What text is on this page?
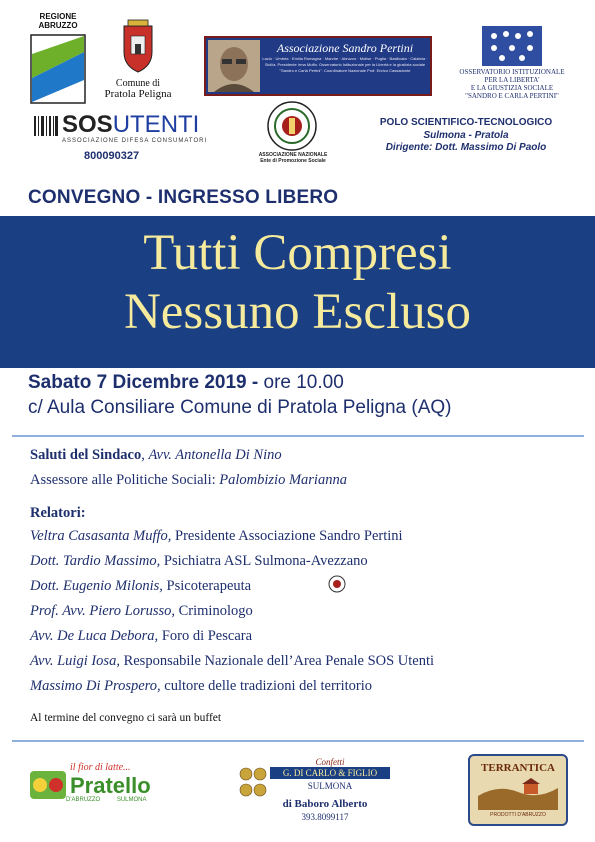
REGIONE
ABRUZZO
Comune di
Pratola Peligna
Associazione Sandro Pertini
Lazio · Umbria · Emilia Romagna · Marche · Abruzzo · Molise · Puglia · Basilicata · Calabria · Sicilia. Presidente Irma Muffo. Osservatorio Istituzionale per la Libertà e la giustizia sociale "Sandro e Carla Pertini". Coordinatore Nazionale Prof. Enrico Cassadonte	OSSERVATORIO ISTITUZIONALE
PER LA LIBERTA'
E LA GIUSTIZIA SOCIALE
"SANDRO E CARLA PERTINI"
SOSUTENTI
ASSOCIAZIONE DIFESA CONSUMATORI
800090327	ASSOCIAZIONE NAZIONALE
Ente di Promozione Sociale
POLO SCIENTIFICO-TECNOLOGICO
Sulmona - Pratola
Dirigente: Dott. Massimo Di Paolo
CONVEGNO - INGRESSO LIBERO
Tutti Compresi
Nessuno Escluso
Sabato 7 Dicembre 2019 - ore 10.00
c/ Aula Consiliare Comune di Pratola Peligna (AQ)
Saluti del Sindaco, Avv. Antonella Di Nino
Assessore alle Politiche Sociali: Palombizio Marianna
Relatori:
Veltra Casasanta Muffo, Presidente Associazione Sandro Pertini
Dott. Tardio Massimo, Psichiatra ASL Sulmona-Avezzano
Dott. Eugenio Milonis, Psicoterapeuta
Prof. Avv. Piero Lorusso, Criminologo
Avv. De Luca Debora, Foro di Pescara
Avv. Luigi Iosa, Responsabile Nazionale dell’Area Penale SOS Utenti
Massimo Di Prospero, cultore delle tradizioni del territorio
Al termine del convegno ci sarà un buffet
il fior di latte...
Pratello
D'ABRUZZO          SULMONA
Confetti
G. DI CARLO & FIGLIO
SULMONA
di Baboro Alberto
393.8099117
TERRANTICA
PRODOTTI D'ABRUZZO
